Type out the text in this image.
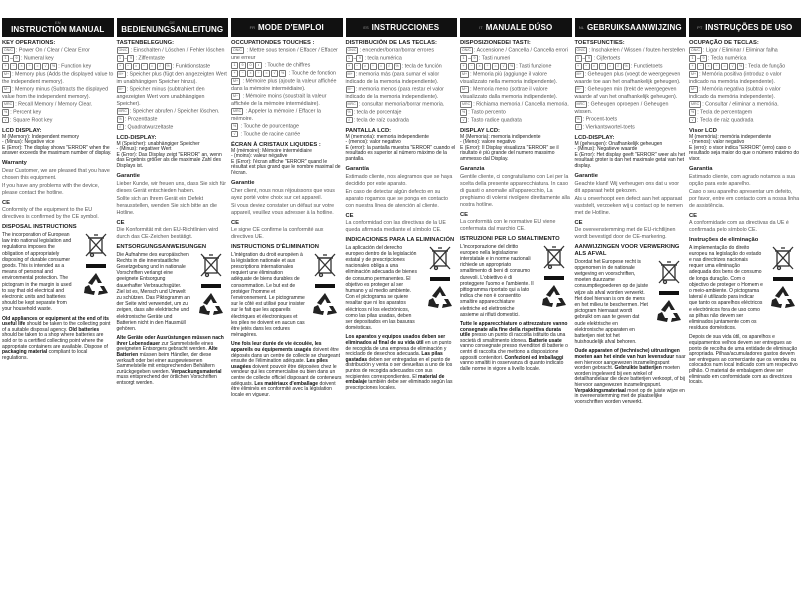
EN
INSTRUCTION MANUAL
KEY OPERATIONS:
ON/C : Power On / Clear / Clear Error
1 – 9 : Numeral key
+ − × ÷ = √ % : Function key
M+ : Memory plus (Adds the displayed value to the independent memory).
M− : Memory minus (Subtracts the displayed value from the independent memory).
MRC : Recall Memory / Memory Clear.
% : Percent key
√ : Square Root key
LCD DISPLAY:
M (Memory): Independent memory
- (Minus): Negative vice
E (Error): The display shows "ERROR" when the answer exceeds the maximum number of display.
Warranty
Dear Customer, we are pleased that you have chosen this equipment.
If you have any problems with the device, please contact the hotline.
CE
Conformity of the equipment to the EU directives is confirmed by the CE symbol.
DISPOSAL INSTRUCTIONS
The incorporation of European law into national legislation and regulations imposes the obligation of appropriately disposing of durable consumer goods. This is intended as a means of personal and environmental protection. The pictogram in the margin is used to say that old electrical and electronic units and batteries should be kept separate from your household waste.
Old appliances or equipment at the end of its useful life should be taken to the collecting point of a suitable disposal agency. Old batteries should be taken to a shop where batteries are sold or to a certified collecting point where the appropriate containers are available. Dispose of packaging material compliant to local regulations.
DE
BEDIENUNGSANLEITUNG
TASTENBELEGUNG:
ON/C : Einschalten / Löschen / Fehler löschen
1 – 9 : Zifferntaste
+ − × ÷ = √ % : Funktionstaste
M+ : Speicher plus (fügt den angezeigten Wert im unabhängigen Speicher hinzu).
M− : Speicher minus (subtrahiert den angezeigten Wert vom unabhängigen Speicher).
MRC : Speicher abrufen / Speicher löschen.
% : Prozenttaste
√ : Quadratwurzeltaste
LCD-DISPLAY:
M (Speicher): unabhängiger Speicher
- (Minus): negativer Wert
E (Error): Das Display zeigt "ERROR" an, wenn das Ergebnis größer als die maximale Zahl des Displays ist.
Garantie
Lieber Kunde, wir freuen uns, dass Sie sich für dieses Gerät entschieden haben.
Sollte sich an Ihrem Gerät ein Defekt herausstellen, wenden Sie sich bitte an die Hotline.
CE
Die Konformität mit den EU-Richtlinien wird durch das CE-Zeichen bestätigt.
ENTSORGUNGSANWEISUNGEN
Die Aufnahme des europäischen Rechts in die innerstaatliche Gesetzgebung und in nationale Vorschriften verlangt eine geeignete Entsorgung dauerhafter Verbrauchsgüter. Ziel ist es, Mensch und Umwelt zu schützen. Das Piktogramm an der Seite wird verwendet, um zu zeigen, dass alte elektrische und elektronische Geräte und Batterien nicht in den Hausmüll gehören.
Alte Geräte oder Ausrüstungen müssen nach ihrer Lebensdauer zur Sammelstelle eines geeigneten Entsorgers gebracht werden. Alte Batterien müssen beim Händler, der diese verkauft oder bei einer ausgewiesenen Sammelstelle mit entsprechenden Behältern zurückgegeben werden. Verpackungsmaterial muss entsprechend der örtlichen Vorschriften entsorgt werden.
FR MODE D'EMPLOI
OCCUPATIONDES TOUCHES :
ON/C : Mettre sous tension / Effacer / Effacer une erreur
1 9 0 • : Touche de chiffres
+ − × ÷ = √ % : Touche de fonction
M+ : Mémoire plus (ajoute la valeur affichée dans la mémoire intermédiaire).
M− : Mémoire moins (soustrait la valeur affichée de la mémoire intermédiaire).
MRC : Appeler la mémoire / Effacer la mémoire.
% : Touche de pourcentage
√ : Touche de racine carrée
ÉCRAN À CRISTAUX LIQUIDES :
M (mémoire): Mémoire intermédiaire
- (moins): valeur négative
E (Error): l'écran affiche "ERROR" quand le résultat est plus grand que le nombre maximal de l'écran.
Garantie
Cher client, nous nous réjouissons que vous ayez porté votre choix sur cet appareil.
Si vous deviez constater un défaut sur votre appareil, veuillez vous adresser à la hotline.
CE
Le signe CE confirme la conformité aux directives UE.
INSTRUCTIONS D'ÉLIMINATION
L'intégration du droit européen à la législation nationale et aux prescriptions internationales requiert une élimination adéquate de biens durables de consommation. Le but est de protéger l'homme et l'environnement. Le pictogramme sur le côté est utilisé pour insister sur le fait que les appareils électriques et électroniques et les piles ne doivent en aucun cas être jetés dans les ordures ménagères.
Une fois leur durée de vie écoulée, les appareils ou équipements usagés doivent être déposés dans un centre de collecte se chargeant ensuite de l'élimination adéquate. Les piles usagées doivent pouvoir être déposées chez le vendeur qui les commercialise ou bien dans un centre de collecte officiel disposant de conteneurs adéquats. Les matériaux d'emballage doivent être éliminés en conformité avec la législation locale en vigueur.
ES INSTRUCCIONES
DISTRIBUCIÓN DE LAS TECLAS:
ON/C : encender/borrar/borrar errores
1 – 9 : tecla numérica
+ − × ÷ = √ % : tecla de función
M+ : memoria más (para sumar el valor indicado de la memoria independiente).
M− : memoria menos (para restar el valor indicado de la memoria independiente).
MRC : consultar memoria/borrar memoria.
% : tecla de porcentaje
√ : tecla de raíz cuadrada
PANTALLA LCD:
M (memoria): memoria independiente
- (menos): valor negativo
E (error): la pantalla muestra "ERROR" cuando el resultado es superior al número máximo de la pantalla.
Garantía
Estimado cliente, nos alegramos que se haya decidido por este aparato.
En caso de detectar algún defecto en su aparato rogamos que se ponga en contacto con nuestra línea de atención al cliente.
CE
La conformidad con las directivas de la UE queda afirmada mediante el símbolo CE.
INDICACIONES PARA LA ELIMINACIÓN
La aplicación del derecho europeo dentro de la legislación estatal y de prescripciones nacionales obliga a una eliminación adecuada de bienes de consumo permanentes. El objetivo es proteger al ser humano y al medio ambiente. Con el pictograma se quiere resaltar que ni los aparatos eléctricos ni los electrónicos, como las pilas usadas, deben ser depositados en las basuras domésticas.
Los aparatos y equipos usados deben ser eliminados al final de su vida útil en un punto de recogida de una empresa de eliminación y reciclado de desechos adecuada. Las pilas gastadas deben ser entregadas en el punto de distribución y venta o ser devueltas a uno de los puntos de recogida adecuados con sus recipientes correspondientes. El material de embalaje también debe ser eliminado según las prescripciones locales.
IT MANUALE DÚSO
DISPOSIZIONEDEI TASTI:
ON/C : Accensione / Cancella / Cancella errori
1 – 9 : Tasti numeri
+ − × ÷ = √ % : Tasti funzione
M+ : Memoria più (aggiunge il valore visualizzato nella memoria indipendente).
M− : Memoria meno (sottrae il valore visualizzato dalla memoria indipendente).
MRC : Richiama memoria / Cancella memoria.
% : Tasto percento
√ : Tasto radice quadrata
DISPLAY LCD:
M (Memoria): memoria indipendente
- (Meno): valore negativo
E (Error): Il Display visualizza "ERROR" se il risultato è più grande del numero massimo ammesso dal Display.
Garanzia
Gentile cliente, ci congratuliamo con Lei per la scelta della presente apparecchiatura. In caso di guasti o anomalie all'apparecchio, La preghiamo di volersi rivolgere direttamente alla nostra hotline.
CE
La conformità con le normative EU viene confermata dal marchio CE.
ISTRUZIONI PER LO SMALTIMENTO
L'incorporazione del diritto europeo nella legislazione interstatale e in norme nazionali richiede un appropriato smaltimento di beni di consumo durevoli. L'obiettivo è di proteggere l'uomo e l'ambiente. Il pittogramma riportato qui a lato indica che non è consentito smaltire apparecchiature elettriche ed elettroniche assieme ai rifiuti domestici.
Tutte le apparecchiature o attrezzature vanno consegnate alla fine della rispettiva durata utile presso un punto di raccolta istituito da una società di smaltimento idonea. Batterie usate vanno consegnate presso rivenditori di batterie o centri di raccolta che mettono a disposizione appositi contenitori. Confezioni ed imballaggi vanno smaltiti in osservanza di quanto indicato dalle norme in vigore a livello locale.
NL GEBRUIKSAANWIJZING
TOETSFUNCTIES:
ON/C : Inschakelen / Wissen / fouten herstellen
1 – 9 : Cijfertoets
+ − × ÷ = √ % : Functietoets
M+ : Geheugen plus (voegt de weergegeven waarde toe aan het onafhankelijk geheugen).
M− : Geheugen min (trekt de weergegeven waarde af van het onafhankelijk geheugen).
MRC : Geheugen oproepen / Geheugen wissen.
% : Procent-toets
√ : Vierkantswortel-toets
LCD-DISPLAY:
M (geheugen): Onafhankelijk geheugen
- (Minus): Negatieve waarde
E (Error): Het display geeft "ERROR" weer als het resultaat groter is dan het maximale getal van het display.
Garantie
Geachte klant! Wij verheugen ons dat u voor dit apparaat hebt gekozen.
Als u onverhoopt een defect aan het apparaat vaststelt, verzoeken wij u contact op te nemen met de Hotline.
CE
De overeenstemming met de EU-richtlijnen wordt bevestigd door de CE-markering.
AANWIJZINGEN VOOR VERWERKING ALS AFVAL
Doordat het Europese recht is opgenomen in de nationale wetgeving en voorschriften, moeten duurzame consumptiegoederen op de juiste wijze als afval worden verwerkt. Het doel hiervan is om de mens en het milieu te beschermen. Het pictogram hiernaast wordt gebruikt om aan te geven dat oude elektrische en elektronische apparaten en batterijen niet tot het huishoudelijk afval behoren.
Oude apparaten of (technische) uitrustingen moeten aan het einde van hun levensduur naar een hiervoor aangewezen inzamelingspunt worden gebracht. Gebruikte batterijen moeten worden ingeleverd bij een winkel of detailhandelaar die deze batterijen verkoopt, of bij hiervoor aangewezen inzamelingspunt. Verpakkingsmateriaal moet op de juiste wijze en in overeenstemming met de plaatselijke voorschriften worden verwerkt.
PT INSTRUÇÕES DE USO
OCUPAÇÃO DE TECLAS:
ON/C : Ligar / Eliminar / Eliminar falha
1 – 9 : Tecla numérica
+ − × ÷ = √ % : Tecla de função
M+ : Memória positiva (introduz o valor indicado na memória independente).
M− : Memória negativa (subtrai o valor indicado da memória independente).
MRC : Consultar / eliminar a memória.
% : Tecla de percentagem
√ : Tecla de raiz quadrada
Visor LCD
M (memória): memória independente
- (menos): valor negativo
E (erro): o visor indica "ERROR" (erro) caso o resultado seja maior do que o número máximo do visor.
Garantia
Estimado cliente, com agrado notamos a sua opção para este aparelho.
Caso o seu aparelho apresentar um defeito, por favor, entre em contacto com a nossa linha de assistência.
CE
A conformidade com as directivas da UE é confirmada pelo símbolo CE.
Instruções de eliminação
A implementação do direito europeu na legislação do estado e nas directrizes nacionais requer uma eliminação adequada dos bens de consumo de longa duração. Com o objectivo de proteger o Homem e o meio-ambiente. O pictograma lateral é utilizado para indicar que tanto os aparelhos eléctricos e electrónicos fora de uso como as pilhas não devem ser eliminados juntamente com os resíduos domésticos.
Depois de sua vida útil, os aparelhos e equipamentos velhos devem ser entregues ao ponto de recolha de uma entidade de eliminação apropriada. Pilhas/acumuladores gastos devem ser entregues ao comerciante que os vendeu ou colocados num local indicado com um respectivo pilhão. O material de embalagem deve ser eliminado em conformidade com as directrizes locais.
